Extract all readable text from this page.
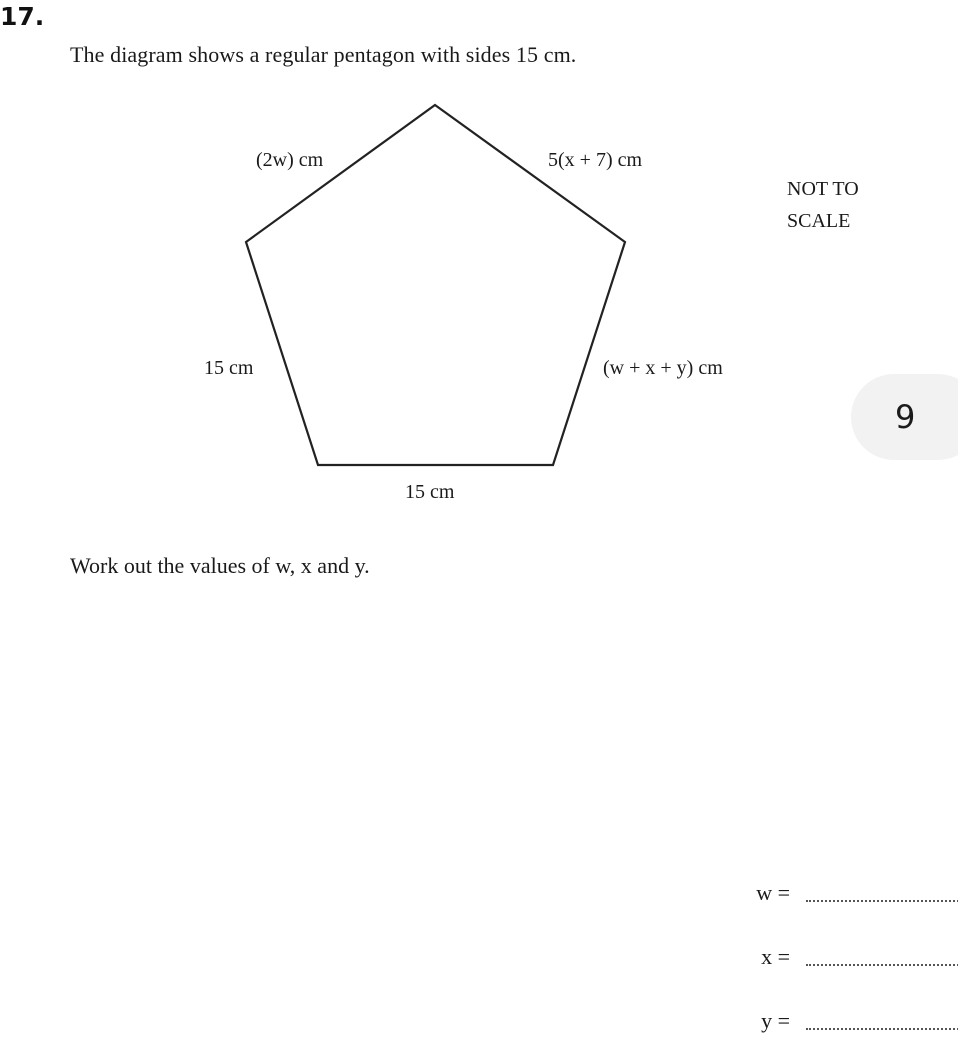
17.
The diagram shows a regular pentagon with sides 15 cm.
(2w) cm	5(x + 7) cm
15 cm	(w + x + y) cm
15 cm
NOT TO
SCALE
9
Work out the values of w, x and y.
w =
x =
y =
